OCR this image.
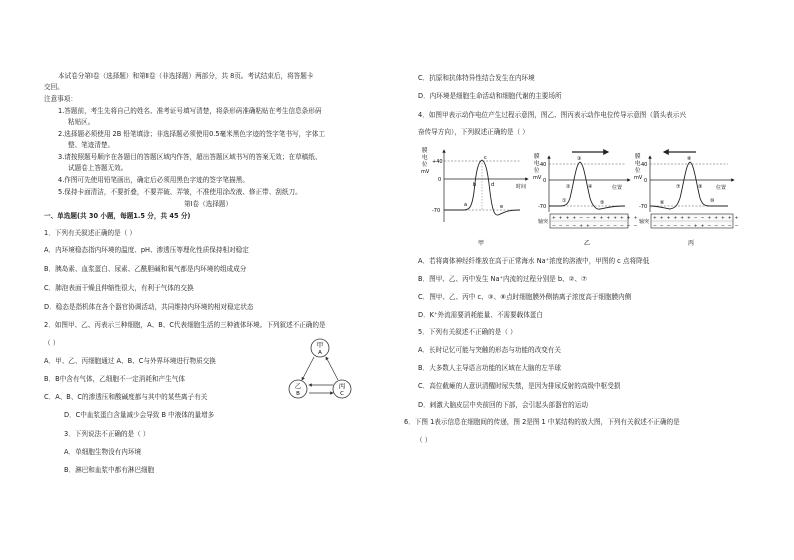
本试卷分第Ⅰ卷（选择题）和第Ⅱ卷（非选择题）两部分，共 8页。考试结束后，将答题卡
交回。
注意事项：
1.答题前，考生先将自己的姓名、准考证号填写清楚，将条形码准确粘贴在考生信息条形码
粘贴区。
2.选择题必须使用 2B 铅笔填涂；非选择题必须使用0.5毫米黑色字迹的签字笔书写，字体工
整、笔迹清楚。
3.请按照题号顺序在各题目的答题区域内作答，超出答题区域书写的答案无效；在草稿纸、
试题卷上答题无效。
4.作图可先使用铅笔画出，确定后必须用黑色字迹的签字笔描黑。
5.保持卡面清洁，不要折叠，不要弄破、弄皱，不准使用涂改液、修正带、刮纸刀。
第Ⅰ卷（选择题）
一、单选题(共 30 小题，每题1.5 分，共 45 分)
1．下列有关叙述正确的是（ ）
A．内环境稳态指内环境的温度、pH、渗透压等理化性质保持相对稳定
B．胰岛素、血浆蛋白、尿素、乙酰胆碱和氧气都是内环境的组成成分
C．肺泡表面干燥且伸缩性很大，有利于气体的交换
D．稳态是指机体在各个器官协调活动，共同维持内环境的相对稳定状态
2．如图甲、乙、丙表示三种细胞，A、B、C代表细胞生活的三种液体环境。下列叙述不正确的是
（ ）
A．甲、乙、丙细胞通过 A、B、C与外界环境进行物质交换
B．B中含有气体，乙细胞不一定消耗和产生气体
C．A、B、C的渗透压和酸碱度都与其中的某些离子有关
D．C中血浆蛋白含量减少会导致 B 中液体的量增多
3．下列说法不正确的是（ ）
A．单细胞生物没有内环境
B．淋巴和血浆中都有淋巴细胞
甲
A
乙
B
丙
C
C．抗原和抗体特异性结合发生在内环境
D．内环境是细胞生命活动和细胞代谢的主要场所
4．如图甲表示动作电位产生过程示意图，图乙、图丙表示动作电位传导示意图（箭头表示兴
奋传导方向），下列叙述正确的是（ ）
膜
电
位
mV
+40
0
-70
a
b
c
d
e
时间
甲
膜
电
位
mV
40
0
-70
①
②
③
④
⑤
位置
轴突
+ + + + − − + + + + + + +
− − − − + + − − − − − − −
乙
膜
电
位
mV
40
0
-70
⑥
⑦
⑧
⑨
⑩
位置
轴突
+ + + + + + − − + + + + +
− − − − − − + + − − − − −
丙
A．若将离体神经纤维放在高于正常海水 Na⁺浓度的溶液中，甲图的 c 点将降低
B．图甲、乙、丙中发生 Na⁺内流的过程分别是 b、②、⑦
C．图甲、乙、丙中 c、③、⑧点时细胞膜外侧钠离子浓度高于细胞膜内侧
D．K⁺外流需要消耗能量、不需要载体蛋白
5．下列有关叙述不正确的是（ ）
A．长时记忆可能与突触的形态与功能的改变有关
B．大多数人主导语言功能的区域在大脑的左半球
C．高位截瘫的人意识清醒时尿失禁，是因为排尿反射的高级中枢受损
D．刺激大脑皮层中央前回的下部，会引起头部器官的运动
6．下图 1表示信息在细胞间的传递，图 2是图 1 中某结构的放大图，下列有关叙述不正确的是
（ ）
